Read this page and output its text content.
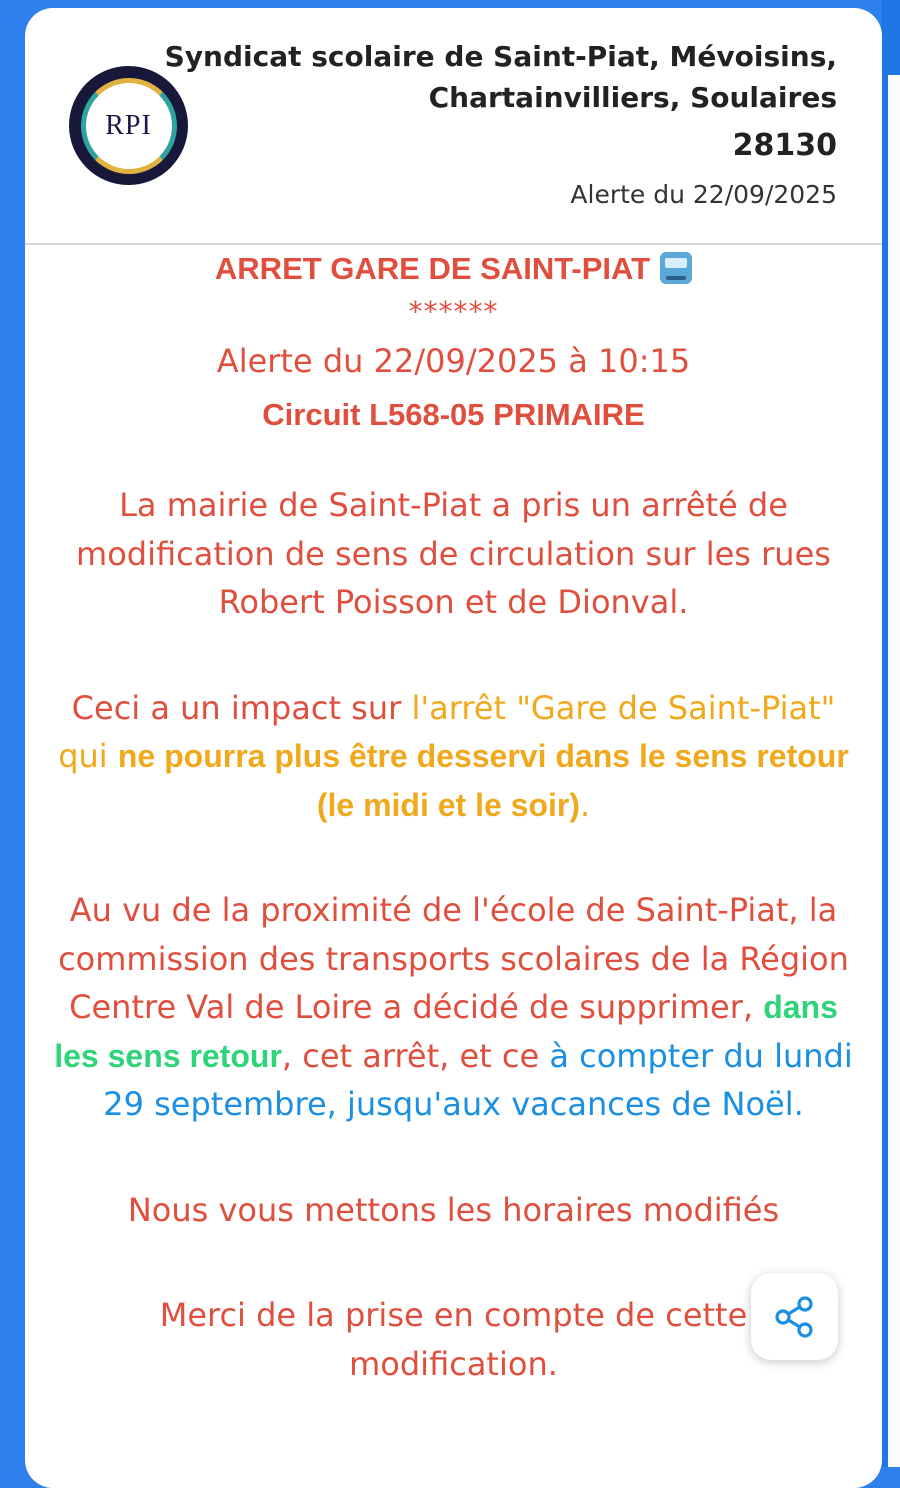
RPI
Syndicat scolaire de Saint-Piat, Mévoisins,
Chartainvilliers, Soulaires
28130
Alerte du 22/09/2025
ARRET GARE DE SAINT-PIAT
******
Alerte du 22/09/2025 à 10:15
Circuit L568-05 PRIMAIRE
La mairie de Saint-Piat a pris un arrêté de modification de sens de circulation sur les rues Robert Poisson et de Dionval.
Ceci a un impact sur l'arrêt "Gare de Saint-Piat" qui ne pourra plus être desservi dans le sens retour (le midi et le soir).
Au vu de la proximité de l'école de Saint-Piat, la commission des transports scolaires de la Région Centre Val de Loire a décidé de supprimer, dans les sens retour, cet arrêt, et ce à compter du lundi 29 septembre, jusqu'aux vacances de Noël.
Nous vous mettons les horaires modifiés
Merci de la prise en compte de cette modification.
